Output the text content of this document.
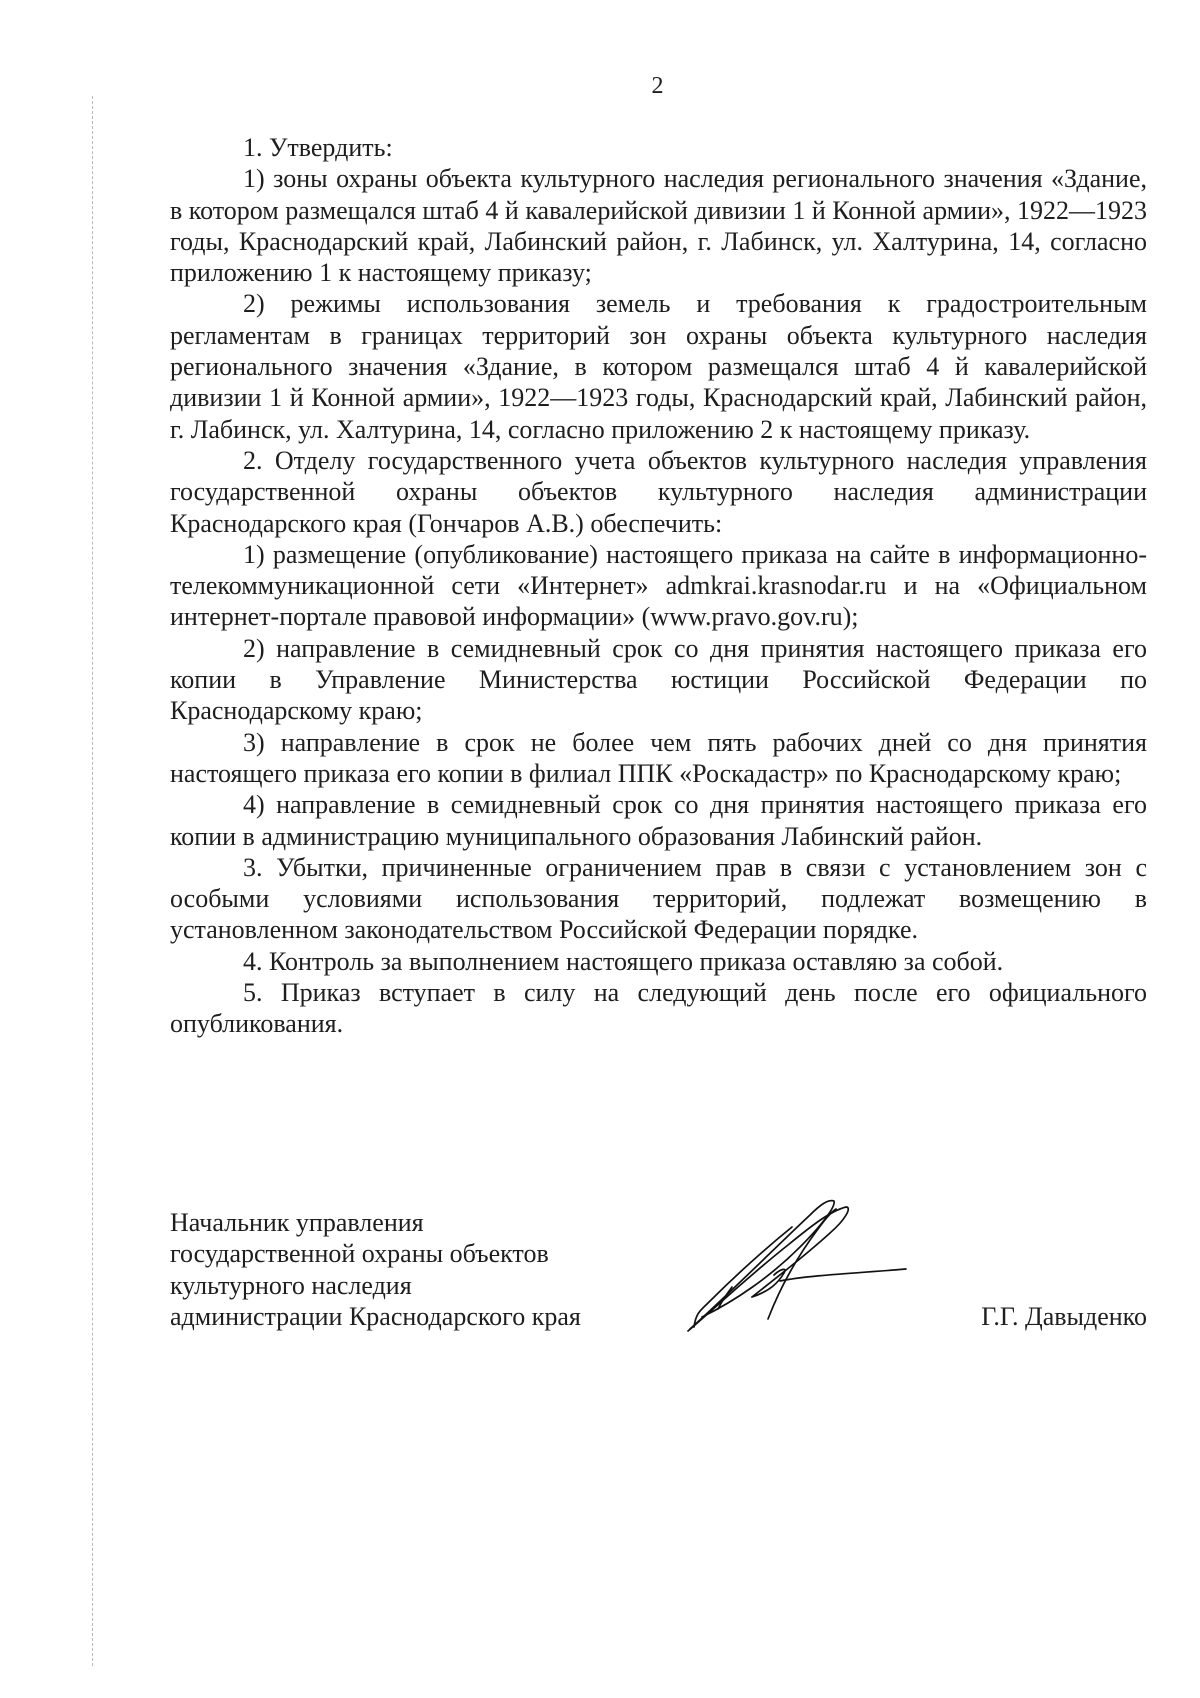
2

1. Утвердить:

1) зоны охраны объекта культурного наследия регионального значения «Здание, в котором размещался штаб 4 й кавалерийской дивизии 1 й Конной армии», 1922—1923 годы, Краснодарский край, Лабинский район, г. Лабинск, ул. Халтурина, 14, согласно приложению 1 к настоящему приказу;

2) режимы использования земель и требования к градостроительным регламентам в границах территорий зон охраны объекта культурного наследия регионального значения «Здание, в котором размещался штаб 4 й кавалерийской дивизии 1 й Конной армии», 1922—1923 годы, Краснодарский край, Лабинский район, г. Лабинск, ул. Халтурина, 14, согласно приложению 2 к настоящему приказу.

2. Отделу государственного учета объектов культурного наследия управления государственной охраны объектов культурного наследия администрации Краснодарского края (Гончаров А.В.) обеспечить:

1) размещение (опубликование) настоящего приказа на сайте в информационно-телекоммуникационной сети «Интернет» admkrai.krasnodar.ru и на «Официальном интернет-портале правовой информации» (www.pravo.gov.ru);

2) направление в семидневный срок со дня принятия настоящего приказа его копии в Управление Министерства юстиции Российской Федерации по Краснодарскому краю;

3) направление в срок не более чем пять рабочих дней со дня принятия настоящего приказа его копии в филиал ППК «Роскадастр» по Краснодарскому краю;

4) направление в семидневный срок со дня принятия настоящего приказа его копии в администрацию муниципального образования Лабинский район.

3. Убытки, причиненные ограничением прав в связи с установлением зон с особыми условиями использования территорий, подлежат возмещению в установленном законодательством Российской Федерации порядке.

4. Контроль за выполнением настоящего приказа оставляю за собой.

5. Приказ вступает в силу на следующий день после его официального опубликования.

Начальник управления
государственной охраны объектов
культурного наследия
администрации Краснодарского края	Г.Г. Давыденко
